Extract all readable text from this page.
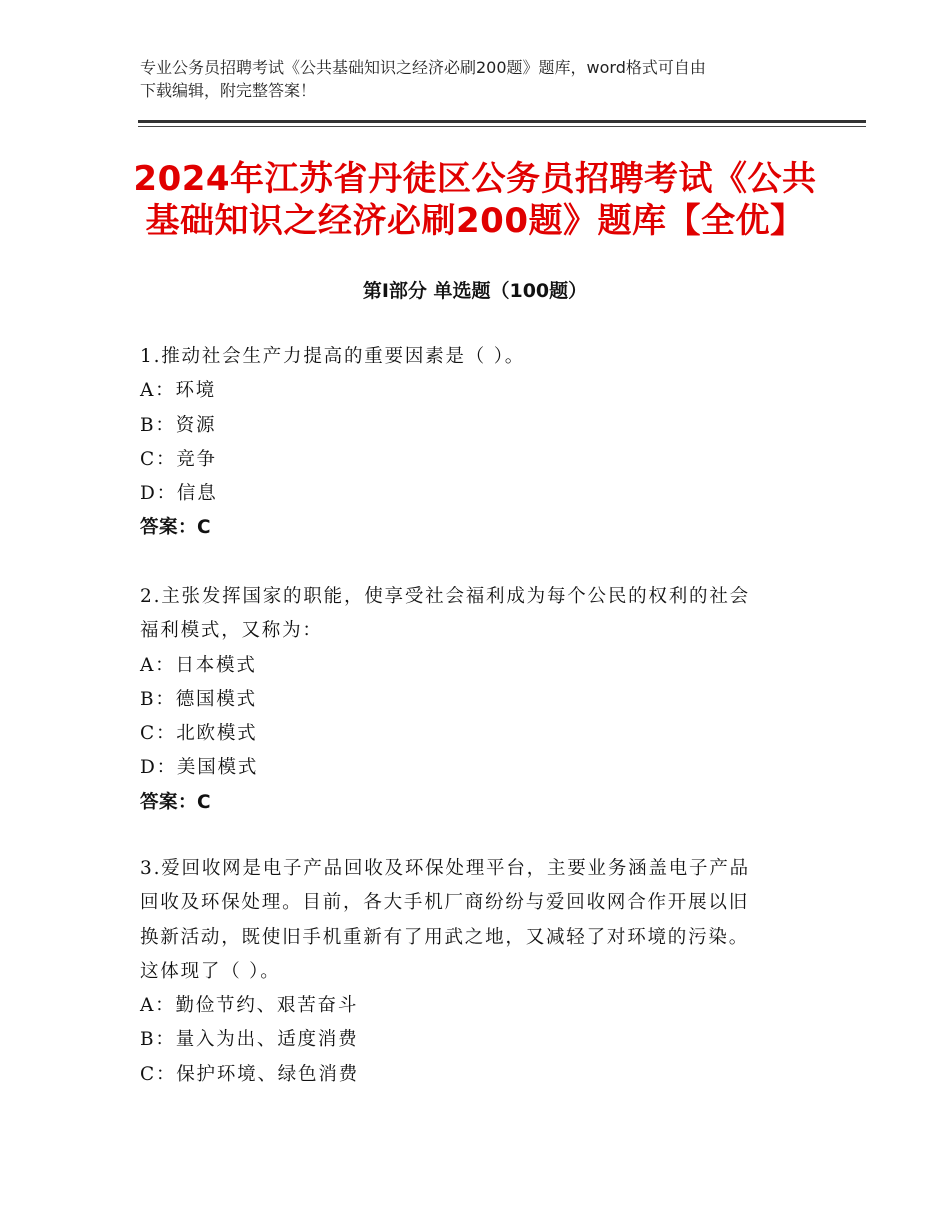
专业公务员招聘考试《公共基础知识之经济必刷200题》题库，word格式可自由
下载编辑，附完整答案！
2024年江苏省丹徒区公务员招聘考试《公共
基础知识之经济必刷200题》题库【全优】
第Ⅰ部分 单选题（100题）
1.推动社会生产力提高的重要因素是（ ）。
A：环境
B：资源
C：竞争
D：信息
答案：C
2.主张发挥国家的职能，使享受社会福利成为每个公民的权利的社会
福利模式，又称为：
A：日本模式
B：德国模式
C：北欧模式
D：美国模式
答案：C
3.爱回收网是电子产品回收及环保处理平台，主要业务涵盖电子产品
回收及环保处理。目前，各大手机厂商纷纷与爱回收网合作开展以旧
换新活动，既使旧手机重新有了用武之地，又减轻了对环境的污染。
这体现了（ ）。
A：勤俭节约、艰苦奋斗
B：量入为出、适度消费
C：保护环境、绿色消费
